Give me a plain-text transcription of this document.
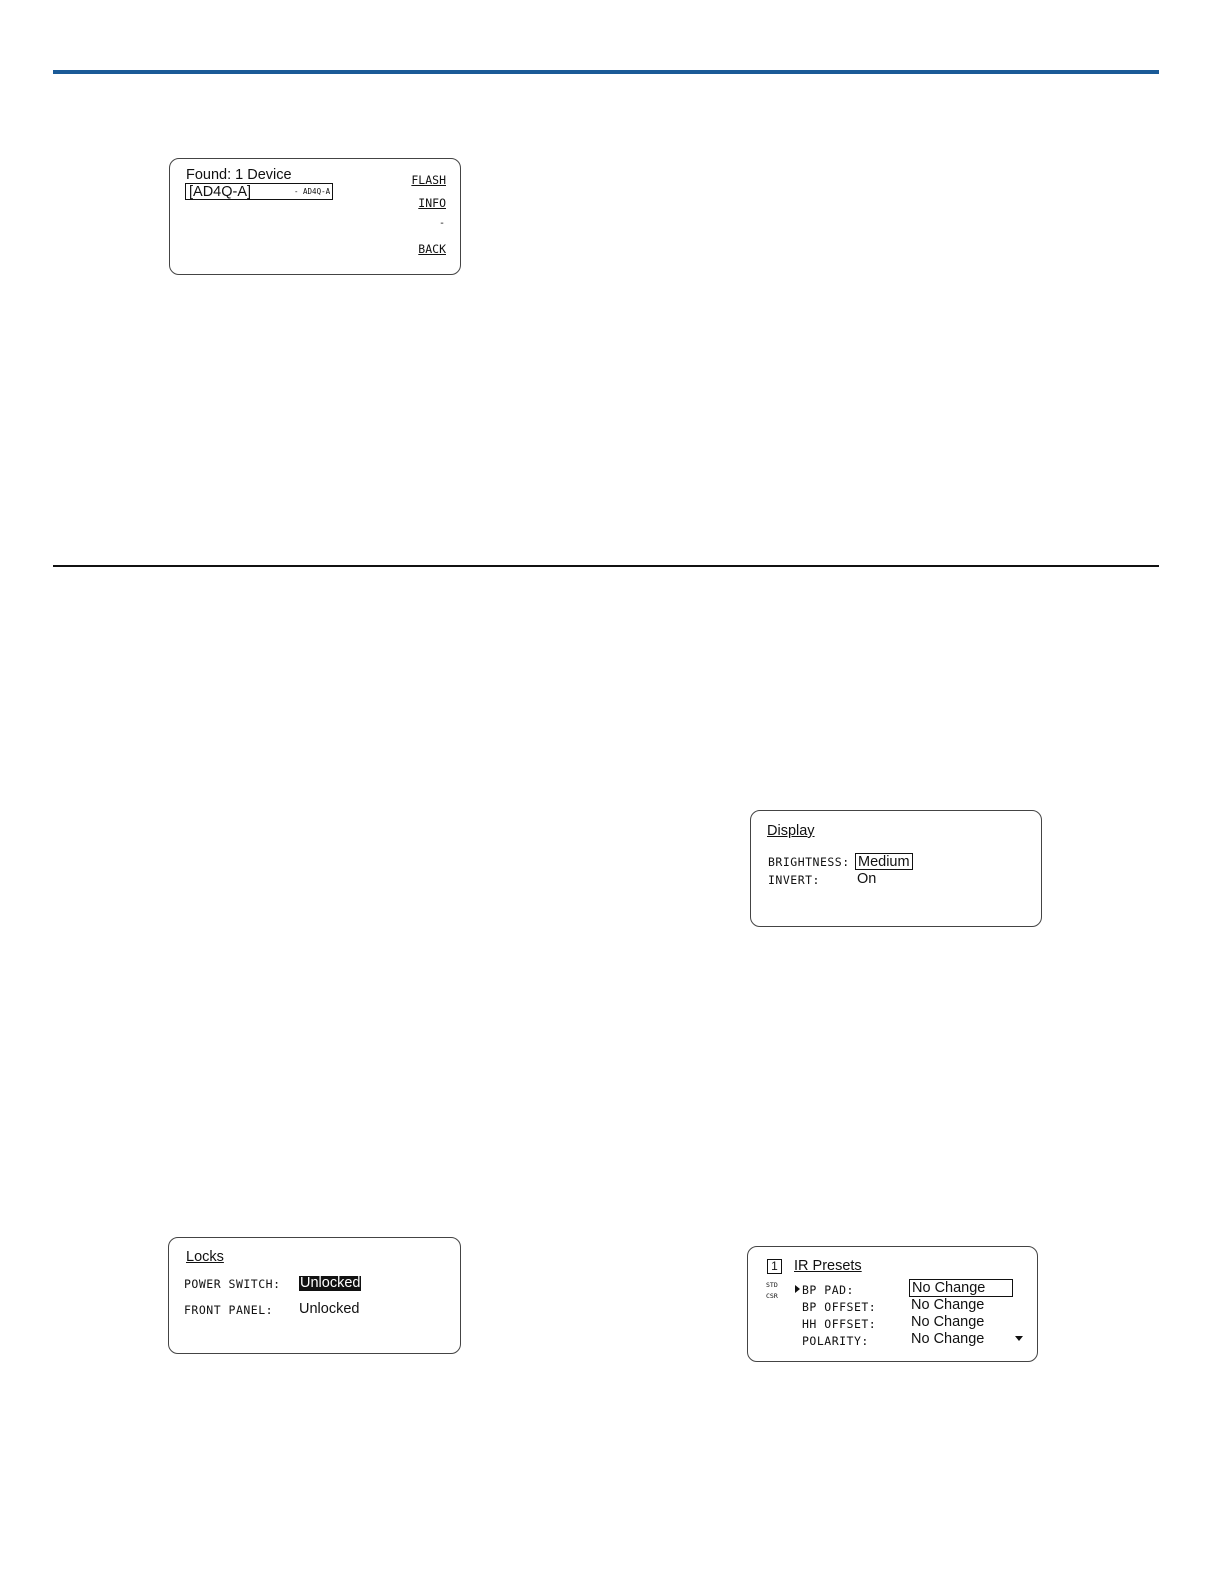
Found: 1 Device
[AD4Q-A]	- AD4Q-A
FLASH
INFO
-
BACK
Display
BRIGHTNESS: Medium
INVERT:	On
Locks
POWER SWITCH: Unlocked
FRONT PANEL: Unlocked
1 IR Presets
STD
CSR BP PAD:	No Change
BP OFFSET: No Change
HH OFFSET: No Change
POLARITY:	No Change
